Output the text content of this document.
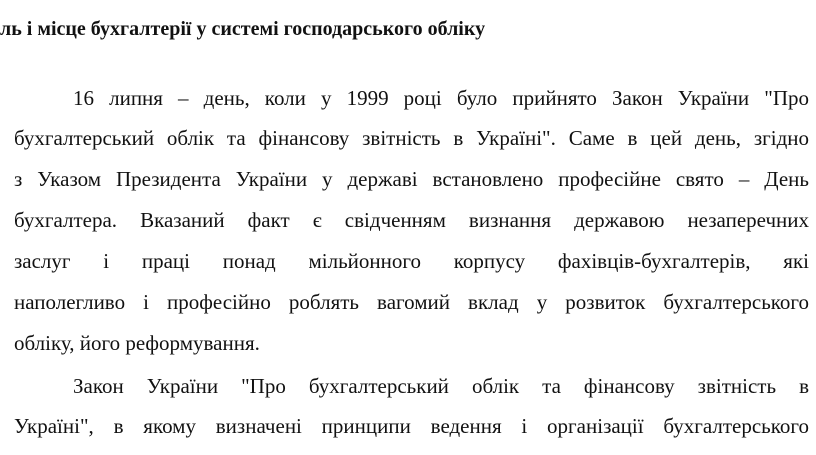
ль і місце бухгалтерії у системі господарського обліку
16 липня – день, коли у 1999 році було прийнято Закон України "Про
бухгалтерський облік та фінансову звітність в Україні". Саме в цей день, згідно
з Указом Президента України у державі встановлено професійне свято – День
бухгалтера. Вказаний факт є свідченням визнання державою незаперечних
заслуг і праці понад мільйонного корпусу фахівців-бухгалтерів, які
наполегливо і професійно роблять вагомий вклад у розвиток бухгалтерського
обліку, його реформування.
Закон України "Про бухгалтерський облік та фінансову звітність в
Україні", в якому визначені принципи ведення і організації бухгалтерського
